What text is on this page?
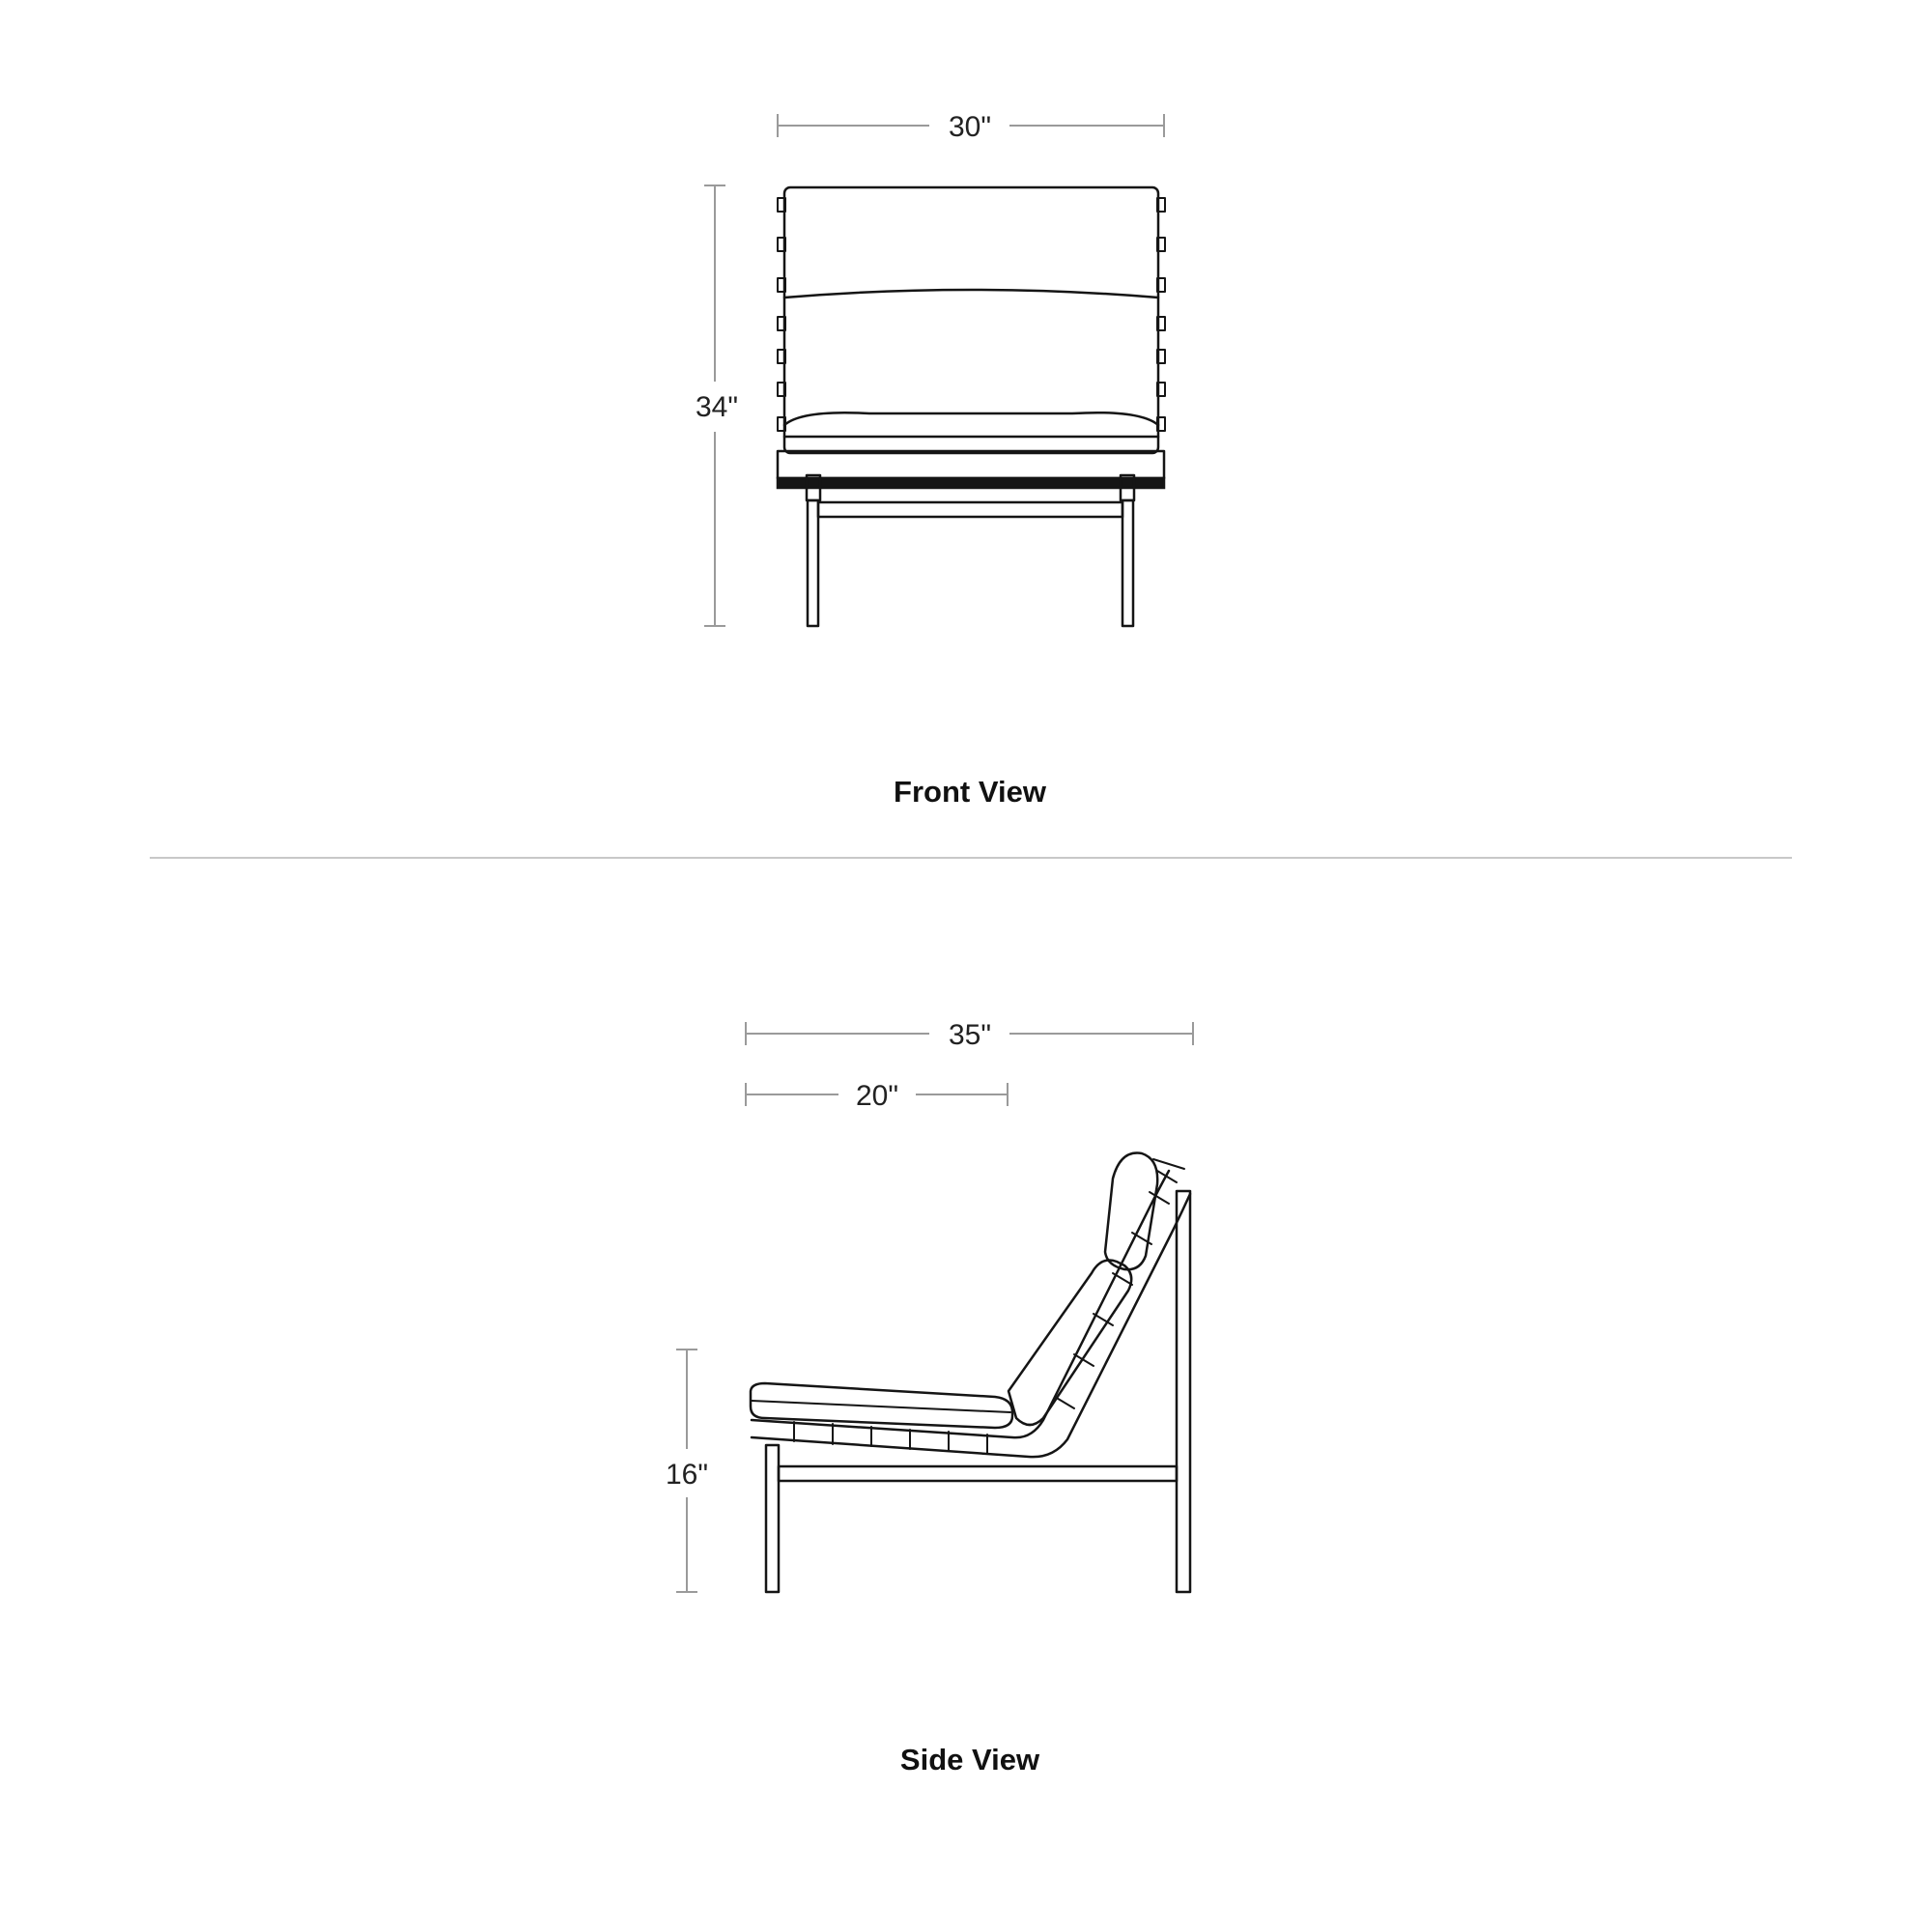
30"
34"
Front View
35"
20"
16"
Side View
